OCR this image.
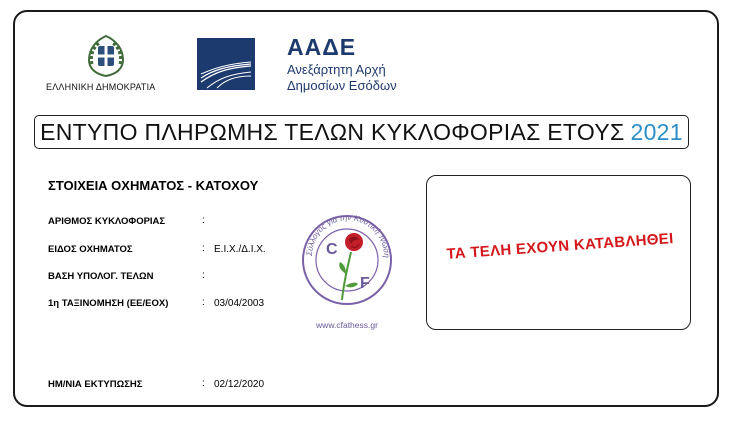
ΕΛΛΗΝΙΚΗ ΔΗΜΟΚΡΑΤΙΑ
ΑΑΔΕ
Ανεξάρτητη Αρχή
Δημοσίων Εσόδων
ΕΝΤΥΠΟ ΠΛΗΡΩΜΗΣ ΤΕΛΩΝ ΚΥΚΛΟΦΟΡΙΑΣ ΕΤΟΥΣ 2021
ΣΤΟΙΧΕΙΑ ΟΧΗΜΑΤΟΣ - ΚΑΤΟΧΟΥ
ΑΡΙΘΜΟΣ ΚΥΚΛΟΦΟΡΙΑΣ	:
ΕΙΔΟΣ ΟΧΗΜΑΤΟΣ	: Ε.Ι.Χ./Δ.Ι.Χ.
ΒΑΣΗ ΥΠΟΛΟΓ. ΤΕΛΩΝ	:
1η ΤΑΞΙΝΟΜΗΣΗ (ΕΕ/ΕΟΧ)	: 03/04/2003
ΗΜ/ΝΙΑ ΕΚΤΥΠΩΣΗΣ	: 02/12/2020
Σύλλογος για την Κυστική Ίνωση
C
F
www.cfathess.gr
ΤΑ ΤΕΛΗ ΕΧΟΥΝ ΚΑΤΑΒΛΗΘΕΙ
